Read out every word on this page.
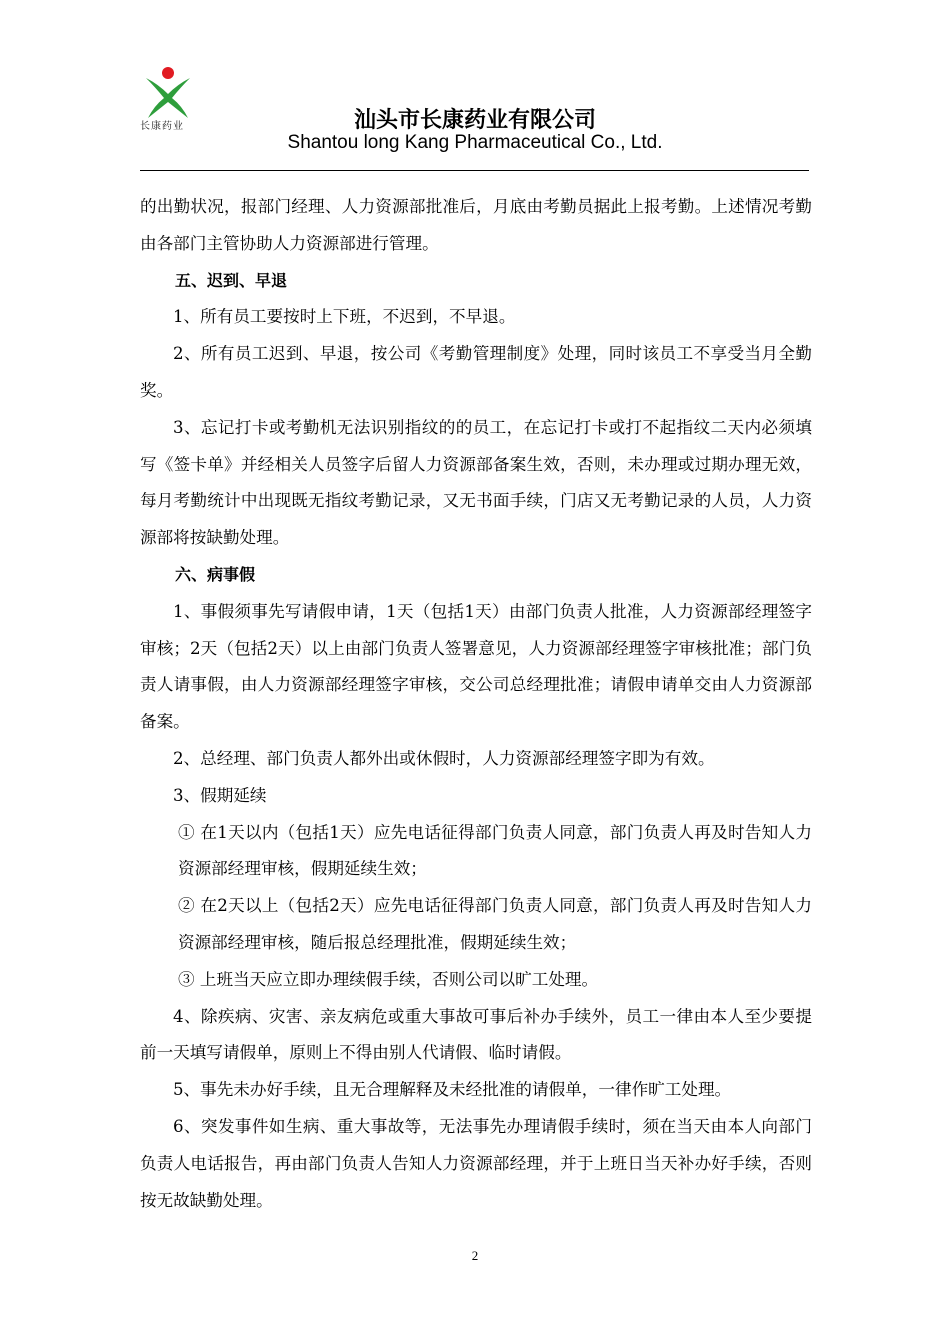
长康药业	汕头市长康药业有限公司
Shantou long Kang Pharmaceutical Co., Ltd.

的出勤状况，报部门经理、人力资源部批准后，月底由考勤员据此上报考勤。上述情况考勤由各部门主管协助人力资源部进行管理。

五、迟到、早退

1、所有员工要按时上下班，不迟到，不早退。

2、所有员工迟到、早退，按公司《考勤管理制度》处理，同时该员工不享受当月全勤奖。

3、忘记打卡或考勤机无法识别指纹的的员工，在忘记打卡或打不起指纹二天内必须填写《签卡单》并经相关人员签字后留人力资源部备案生效，否则，未办理或过期办理无效，每月考勤统计中出现既无指纹考勤记录，又无书面手续，门店又无考勤记录的人员，人力资源部将按缺勤处理。

六、病事假

1、事假须事先写请假申请，1天（包括1天）由部门负责人批准，人力资源部经理签字审核；2天（包括2天）以上由部门负责人签署意见，人力资源部经理签字审核批准；部门负责人请事假，由人力资源部经理签字审核，交公司总经理批准；请假申请单交由人力资源部备案。

2、总经理、部门负责人都外出或休假时，人力资源部经理签字即为有效。

3、假期延续

① 在1天以内（包括1天）应先电话征得部门负责人同意，部门负责人再及时告知人力资源部经理审核，假期延续生效；

② 在2天以上（包括2天）应先电话征得部门负责人同意，部门负责人再及时告知人力资源部经理审核，随后报总经理批准，假期延续生效；

③ 上班当天应立即办理续假手续，否则公司以旷工处理。

4、除疾病、灾害、亲友病危或重大事故可事后补办手续外，员工一律由本人至少要提前一天填写请假单，原则上不得由别人代请假、临时请假。

5、事先未办好手续，且无合理解释及未经批准的请假单，一律作旷工处理。

6、突发事件如生病、重大事故等，无法事先办理请假手续时，须在当天由本人向部门负责人电话报告，再由部门负责人告知人力资源部经理，并于上班日当天补办好手续，否则按无故缺勤处理。

2
